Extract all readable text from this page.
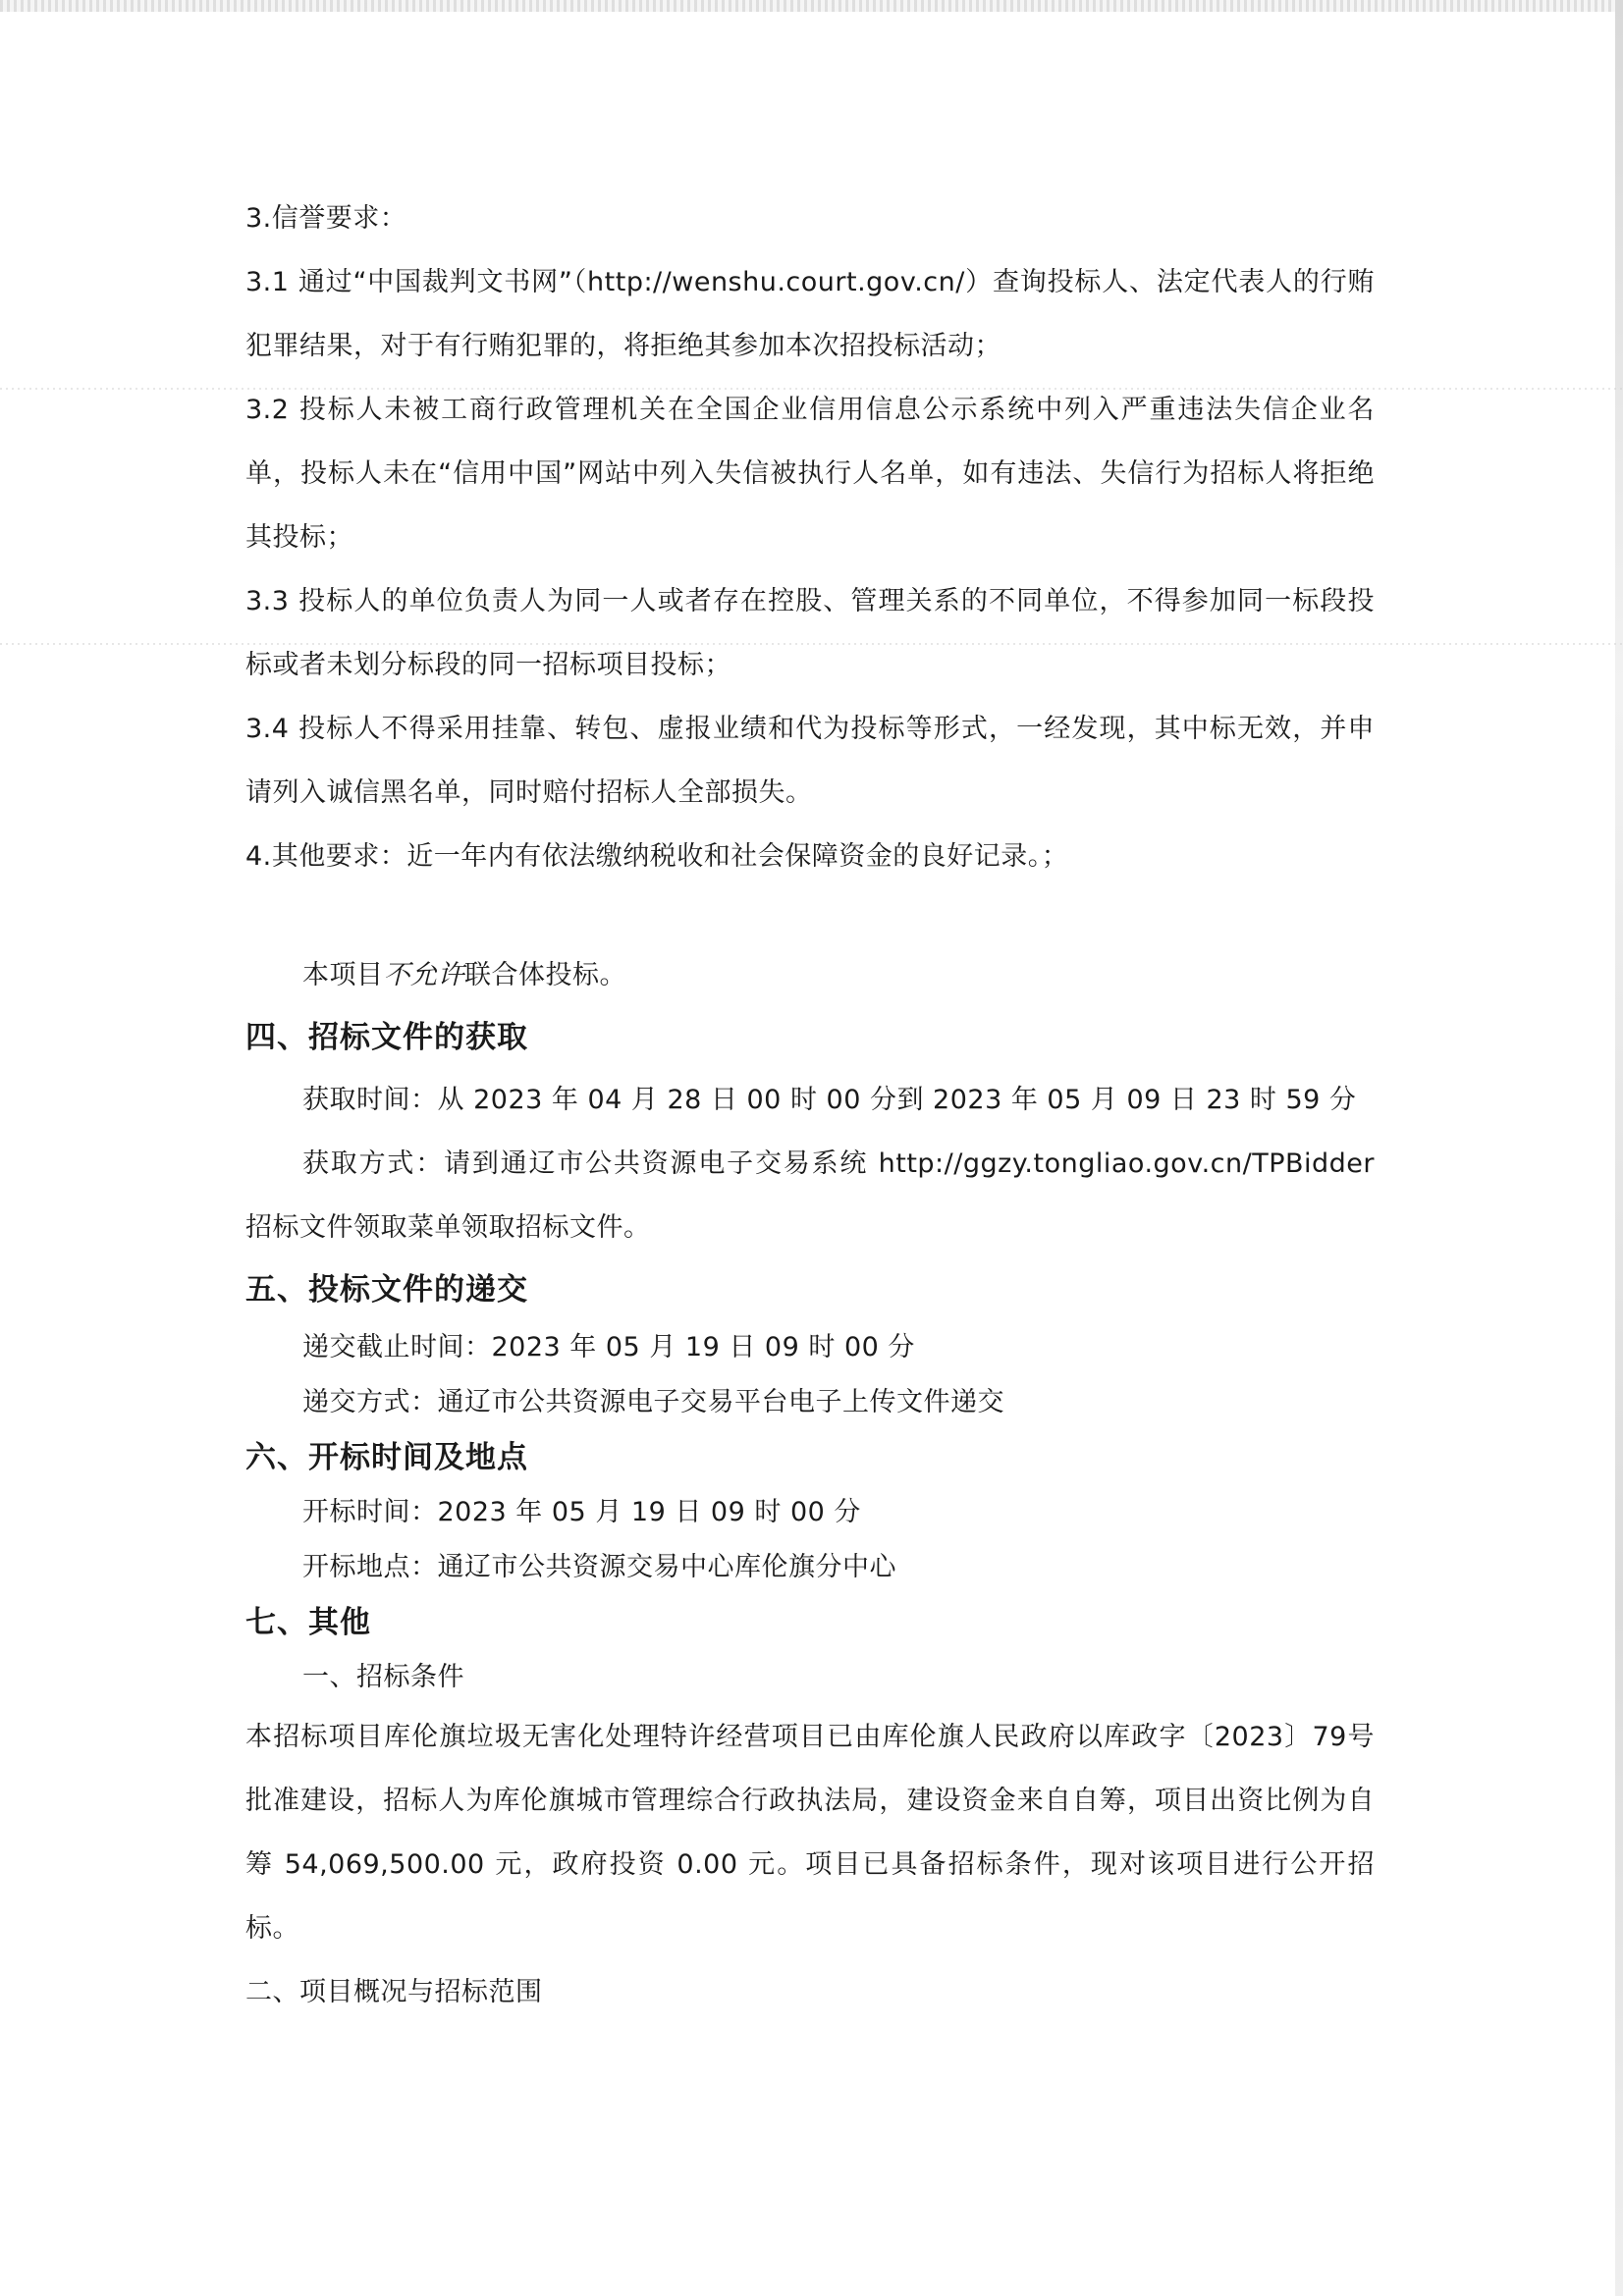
3.信誉要求：

3.1 通过“中国裁判文书网”（http://wenshu.court.gov.cn/）查询投标人、法定代表人的行贿犯罪结果，对于有行贿犯罪的，将拒绝其参加本次招投标活动；

3.2 投标人未被工商行政管理机关在全国企业信用信息公示系统中列入严重违法失信企业名单，投标人未在“信用中国”网站中列入失信被执行人名单，如有违法、失信行为招标人将拒绝其投标；

3.3 投标人的单位负责人为同一人或者存在控股、管理关系的不同单位，不得参加同一标段投标或者未划分标段的同一招标项目投标；

3.4 投标人不得采用挂靠、转包、虚报业绩和代为投标等形式，一经发现，其中标无效，并申请列入诚信黑名单，同时赔付招标人全部损失。

4.其他要求：近一年内有依法缴纳税收和社会保障资金的良好记录。；

本项目不允许联合体投标。

四、招标文件的获取

获取时间：从 2023 年 04 月 28 日 00 时 00 分到 2023 年 05 月 09 日 23 时 59 分

获取方式：请到通辽市公共资源电子交易系统 http://ggzy.tongliao.gov.cn/TPBidder 招标文件领取菜单领取招标文件。

五、投标文件的递交

递交截止时间：2023 年 05 月 19 日 09 时 00 分

递交方式：通辽市公共资源电子交易平台电子上传文件递交

六、开标时间及地点

开标时间：2023 年 05 月 19 日 09 时 00 分

开标地点：通辽市公共资源交易中心库伦旗分中心

七、其他

一、招标条件

本招标项目库伦旗垃圾无害化处理特许经营项目已由库伦旗人民政府以库政字〔2023〕79号批准建设，招标人为库伦旗城市管理综合行政执法局，建设资金来自自筹，项目出资比例为自筹 54,069,500.00 元，政府投资 0.00 元。项目已具备招标条件，现对该项目进行公开招标。

二、项目概况与招标范围
